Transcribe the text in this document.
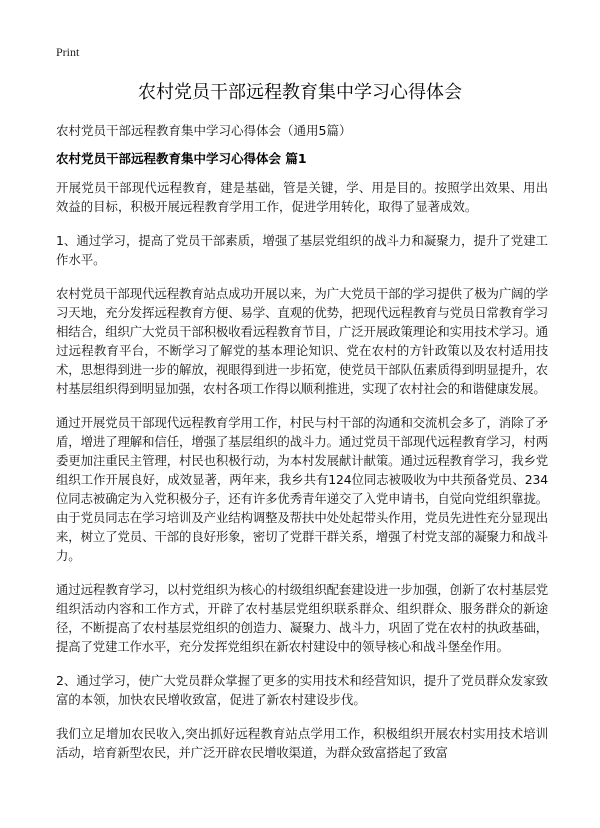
Print
农村党员干部远程教育集中学习心得体会
农村党员干部远程教育集中学习心得体会（通用5篇）
农村党员干部远程教育集中学习心得体会 篇1

开展党员干部现代远程教育，建是基础，管是关键，学、用是目的。按照学出效果、用出效益的目标，积极开展远程教育学用工作，促进学用转化，取得了显著成效。

1、通过学习，提高了党员干部素质，增强了基层党组织的战斗力和凝聚力，提升了党建工作水平。

农村党员干部现代远程教育站点成功开展以来，为广大党员干部的学习提供了极为广阔的学习天地，充分发挥远程教育方便、易学、直观的优势，把现代远程教育与党员日常教育学习相结合，组织广大党员干部积极收看远程教育节目，广泛开展政策理论和实用技术学习。通过远程教育平台，不断学习了解党的基本理论知识、党在农村的方针政策以及农村适用技术，思想得到进一步的解放，视眼得到进一步拓宽，使党员干部队伍素质得到明显提升，农村基层组织得到明显加强，农村各项工作得以顺利推进，实现了农村社会的和谐健康发展。

通过开展党员干部现代远程教育学用工作，村民与村干部的沟通和交流机会多了，消除了矛盾，增进了理解和信任，增强了基层组织的战斗力。通过党员干部现代远程教育学习，村两委更加注重民主管理，村民也积极行动，为本村发展献计献策。通过远程教育学习，我乡党组织工作开展良好，成效显著，两年来，我乡共有124位同志被吸收为中共预备党员、234位同志被确定为入党积极分子，还有许多优秀青年递交了入党申请书，自觉向党组织靠拢。由于党员同志在学习培训及产业结构调整及帮扶中处处起带头作用，党员先进性充分显现出来，树立了党员、干部的良好形象，密切了党群干群关系，增强了村党支部的凝聚力和战斗力。

通过远程教育学习，以村党组织为核心的村级组织配套建设进一步加强，创新了农村基层党组织活动内容和工作方式，开辟了农村基层党组织联系群众、组织群众、服务群众的新途径，不断提高了农村基层党组织的创造力、凝聚力、战斗力，巩固了党在农村的执政基础，提高了党建工作水平，充分发挥党组织在新农村建设中的领导核心和战斗堡垒作用。

2、通过学习，使广大党员群众掌握了更多的实用技术和经营知识，提升了党员群众发家致富的本领，加快农民增收致富，促进了新农村建设步伐。

我们立足增加农民收入,突出抓好远程教育站点学用工作，积极组织开展农村实用技术培训活动，培育新型农民，并广泛开辟农民增收渠道，为群众致富搭起了致富
